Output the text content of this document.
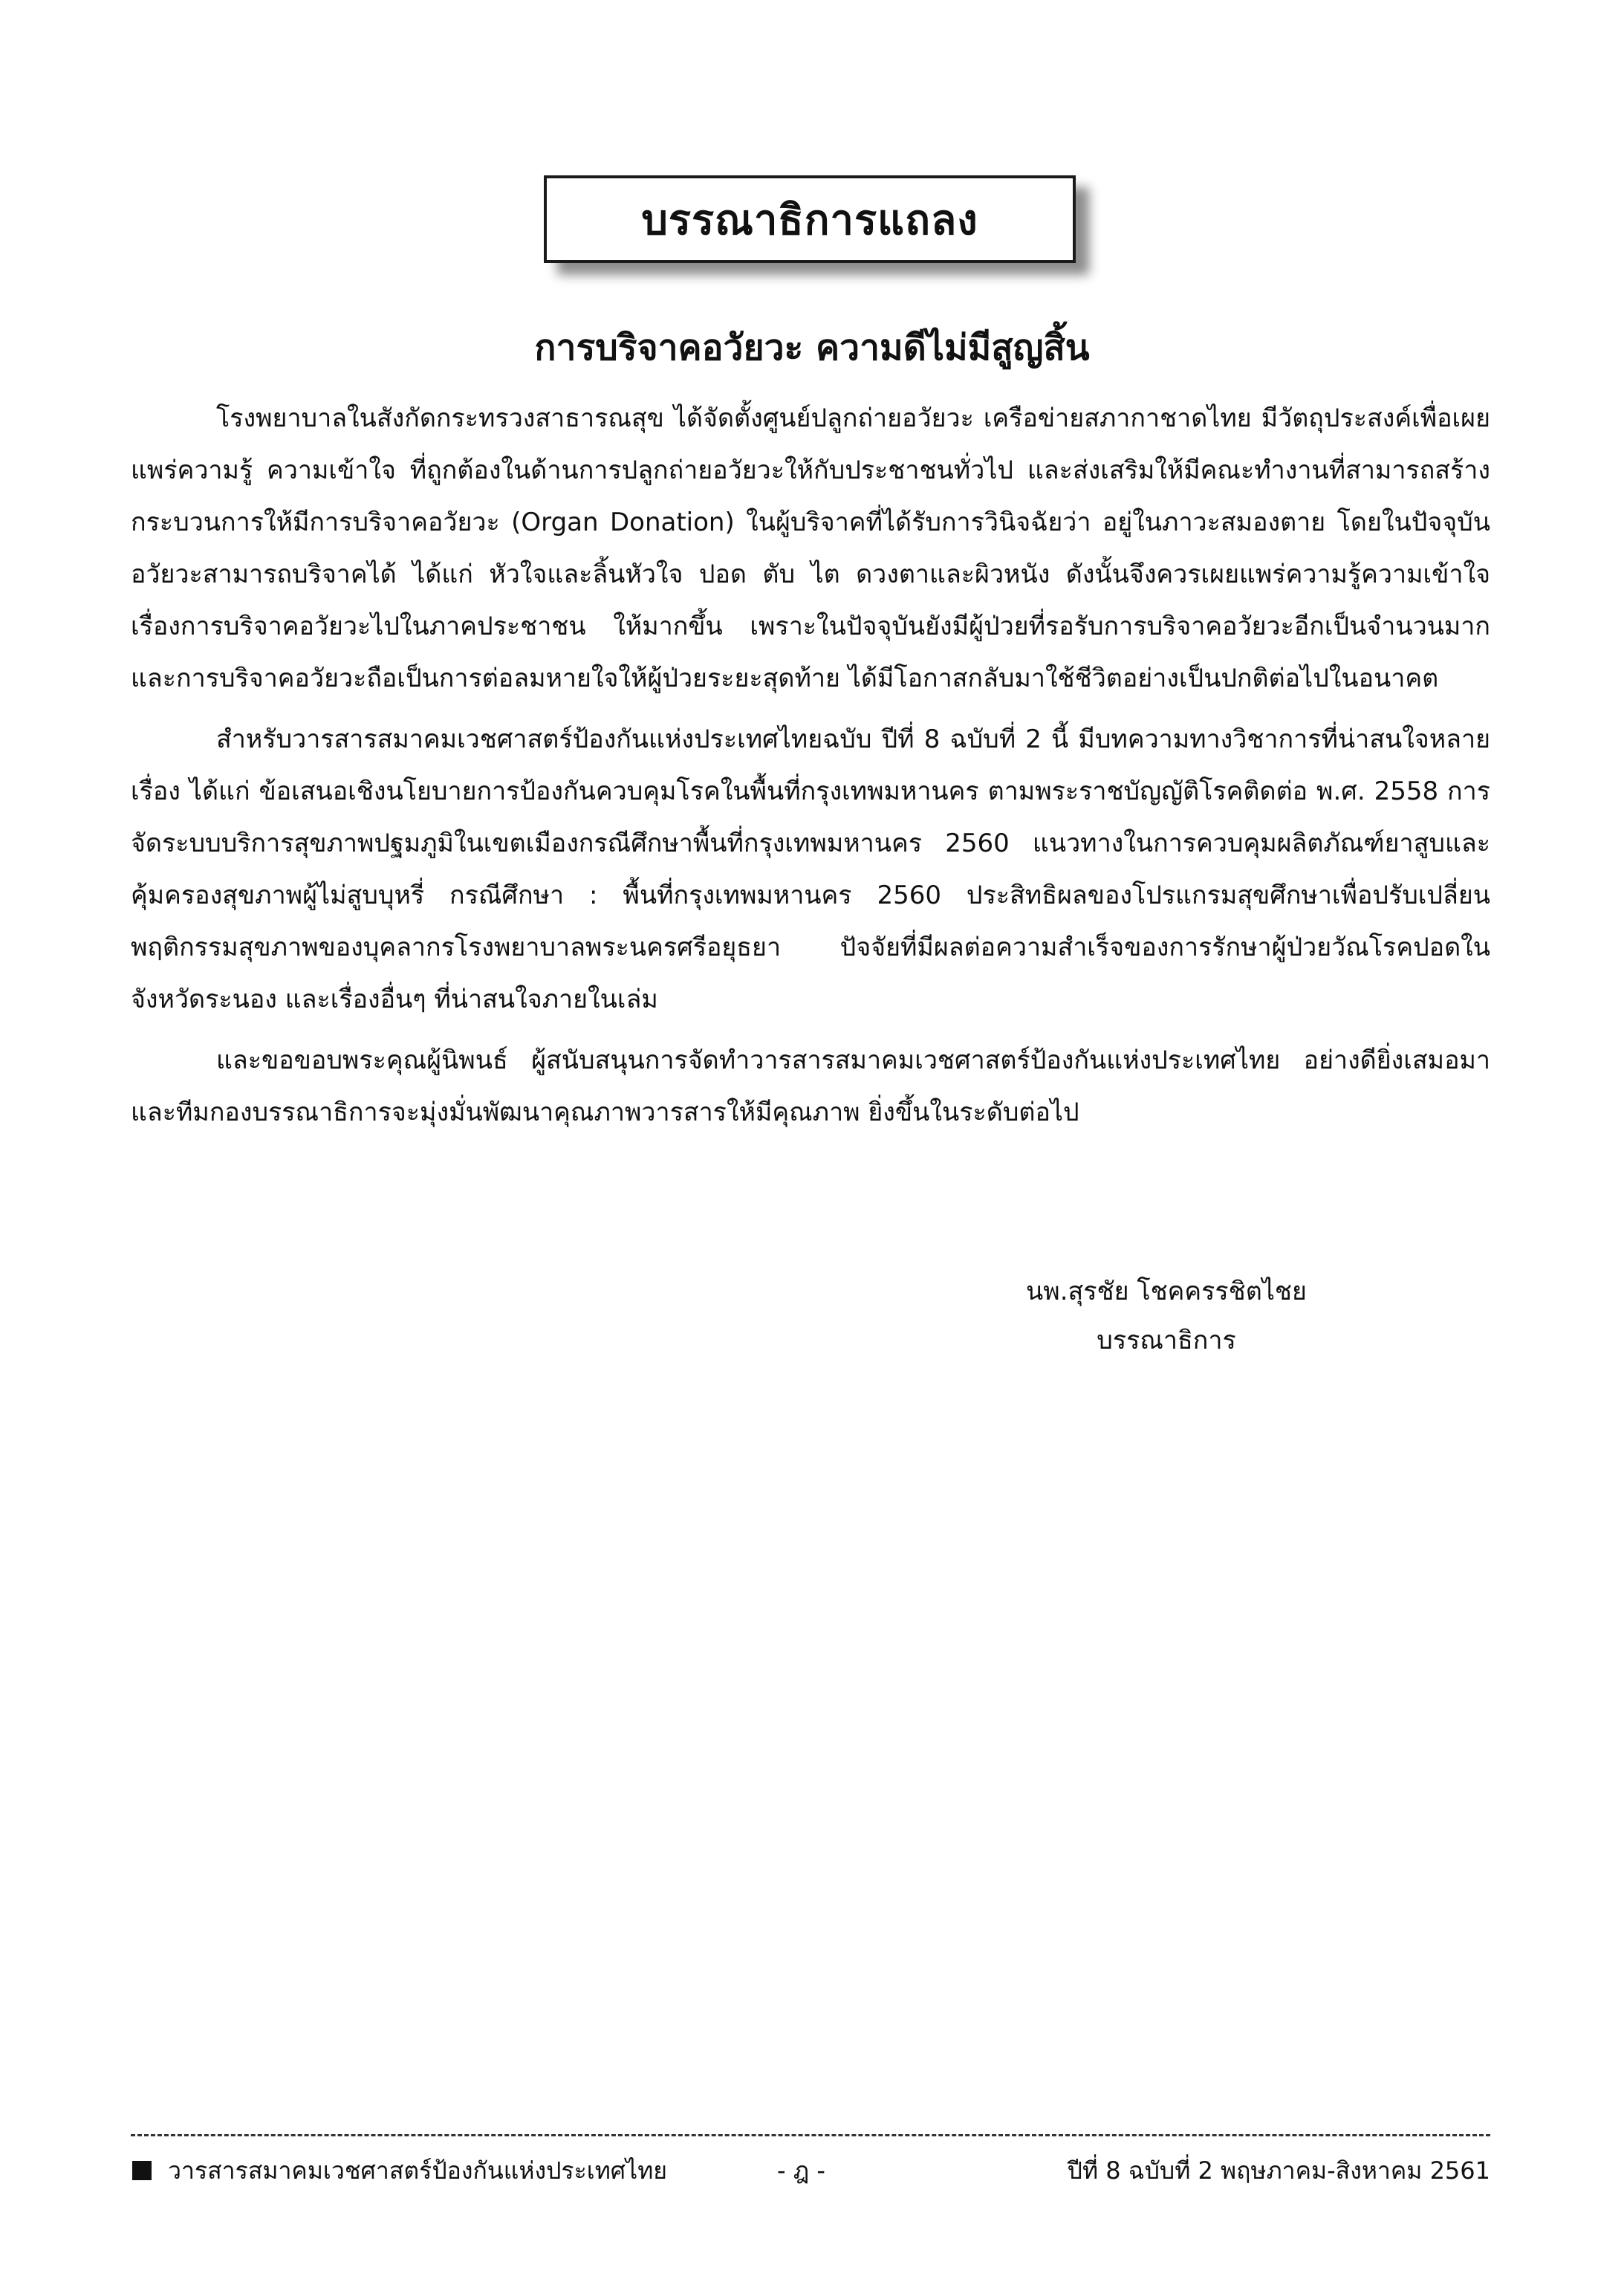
บรรณาธิการแถลง
การบริจาคอวัยวะ ความดีไม่มีสูญสิ้น

โรงพยาบาลในสังกัดกระทรวงสาธารณสุข ได้จัดตั้งศูนย์ปลูกถ่ายอวัยวะ เครือข่ายสภากาชาดไทย มีวัตถุประสงค์เพื่อเผยแพร่ความรู้ ความเข้าใจ ที่ถูกต้องในด้านการปลูกถ่ายอวัยวะให้กับประชาชนทั่วไป และส่งเสริมให้มีคณะทำงานที่สามารถสร้างกระบวนการให้มีการบริจาคอวัยวะ (Organ Donation) ในผู้บริจาคที่ได้รับการวินิจฉัยว่า อยู่ในภาวะสมองตาย โดยในปัจจุบันอวัยวะสามารถบริจาคได้ ได้แก่ หัวใจและลิ้นหัวใจ ปอด ตับ ไต ดวงตาและผิวหนัง ดังนั้นจึงควรเผยแพร่ความรู้ความเข้าใจ เรื่องการบริจาคอวัยวะไปในภาคประชาชน ให้มากขึ้น เพราะในปัจจุบันยังมีผู้ป่วยที่รอรับการบริจาคอวัยวะอีกเป็นจำนวนมาก และการบริจาคอวัยวะถือเป็นการต่อลมหายใจให้ผู้ป่วยระยะสุดท้าย ได้มีโอกาสกลับมาใช้ชีวิตอย่างเป็นปกติต่อไปในอนาคต

สำหรับวารสารสมาคมเวชศาสตร์ป้องกันแห่งประเทศไทยฉบับ ปีที่ 8 ฉบับที่ 2 นี้ มีบทความทางวิชาการที่น่าสนใจหลายเรื่อง ได้แก่ ข้อเสนอเชิงนโยบายการป้องกันควบคุมโรคในพื้นที่กรุงเทพมหานคร ตามพระราชบัญญัติโรคติดต่อ พ.ศ. 2558 การจัดระบบบริการสุขภาพปฐมภูมิในเขตเมืองกรณีศึกษาพื้นที่กรุงเทพมหานคร 2560 แนวทางในการควบคุมผลิตภัณฑ์ยาสูบและคุ้มครองสุขภาพผู้ไม่สูบบุหรี่ กรณีศึกษา : พื้นที่กรุงเทพมหานคร 2560 ประสิทธิผลของโปรแกรมสุขศึกษาเพื่อปรับเปลี่ยนพฤติกรรมสุขภาพของบุคลากรโรงพยาบาลพระนครศรีอยุธยา ปัจจัยที่มีผลต่อความสำเร็จของการรักษาผู้ป่วยวัณโรคปอดในจังหวัดระนอง และเรื่องอื่นๆ ที่น่าสนใจภายในเล่ม

และขอขอบพระคุณผู้นิพนธ์ ผู้สนับสนุนการจัดทำวารสารสมาคมเวชศาสตร์ป้องกันแห่งประเทศไทย อย่างดียิ่งเสมอมา และทีมกองบรรณาธิการจะมุ่งมั่นพัฒนาคุณภาพวารสารให้มีคุณภาพ ยิ่งขึ้นในระดับต่อไป

นพ.สุรชัย โชคครรชิตไชย
บรรณาธิการ
วารสารสมาคมเวชศาสตร์ป้องกันแห่งประเทศไทย	- ฎ -	ปีที่ 8 ฉบับที่ 2 พฤษภาคม-สิงหาคม 2561
